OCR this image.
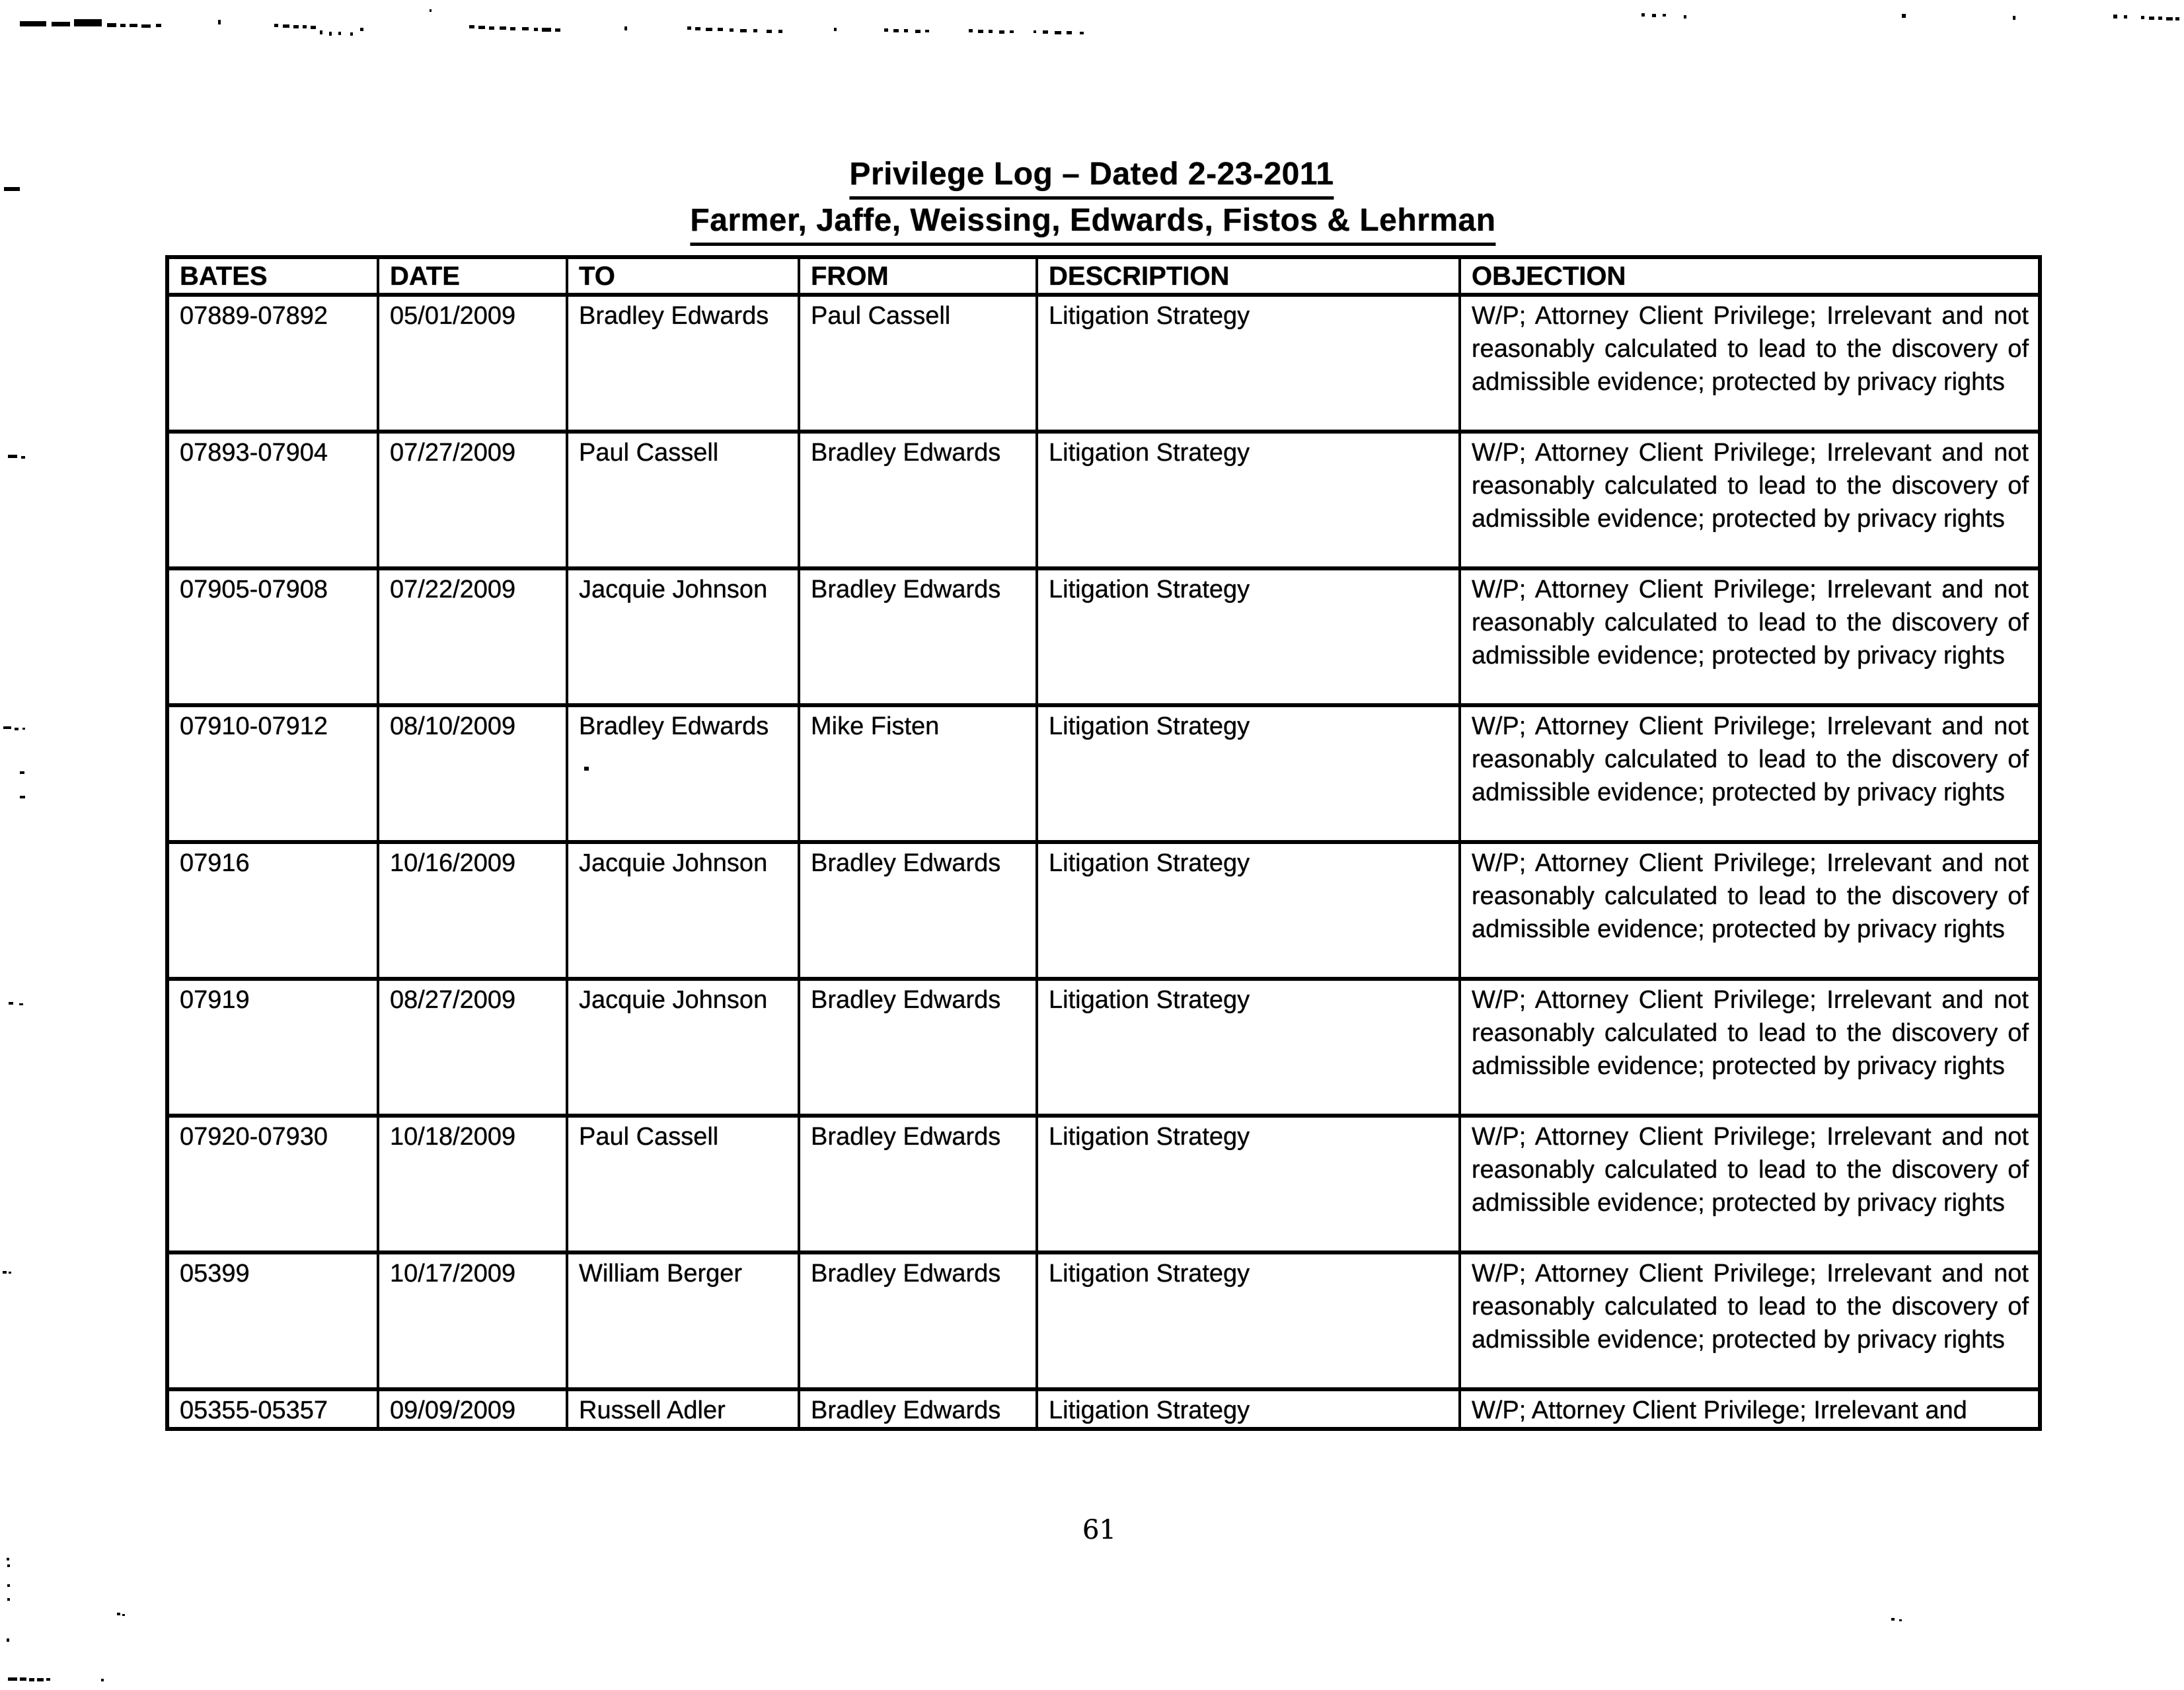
Privilege Log – Dated 2-23-2011
Farmer, Jaffe, Weissing, Edwards, Fistos & Lehrman
BATES	DATE	TO	FROM	DESCRIPTION	OBJECTION
07889-07892	05/01/2009	Bradley Edwards	Paul Cassell	Litigation Strategy	W/P; Attorney Client Privilege; Irrelevant and not reasonably calculated to lead to the discovery of admissible evidence; protected by privacy rights
07893-07904	07/27/2009	Paul Cassell	Bradley Edwards	Litigation Strategy	W/P; Attorney Client Privilege; Irrelevant and not reasonably calculated to lead to the discovery of admissible evidence; protected by privacy rights
07905-07908	07/22/2009	Jacquie Johnson	Bradley Edwards	Litigation Strategy	W/P; Attorney Client Privilege; Irrelevant and not reasonably calculated to lead to the discovery of admissible evidence; protected by privacy rights
07910-07912	08/10/2009	Bradley Edwards	Mike Fisten	Litigation Strategy	W/P; Attorney Client Privilege; Irrelevant and not reasonably calculated to lead to the discovery of admissible evidence; protected by privacy rights
07916	10/16/2009	Jacquie Johnson	Bradley Edwards	Litigation Strategy	W/P; Attorney Client Privilege; Irrelevant and not reasonably calculated to lead to the discovery of admissible evidence; protected by privacy rights
07919	08/27/2009	Jacquie Johnson	Bradley Edwards	Litigation Strategy	W/P; Attorney Client Privilege; Irrelevant and not reasonably calculated to lead to the discovery of admissible evidence; protected by privacy rights
07920-07930	10/18/2009	Paul Cassell	Bradley Edwards	Litigation Strategy	W/P; Attorney Client Privilege; Irrelevant and not reasonably calculated to lead to the discovery of admissible evidence; protected by privacy rights
05399	10/17/2009	William Berger	Bradley Edwards	Litigation Strategy	W/P; Attorney Client Privilege; Irrelevant and not reasonably calculated to lead to the discovery of admissible evidence; protected by privacy rights
05355-05357	09/09/2009	Russell Adler	Bradley Edwards	Litigation Strategy	W/P; Attorney Client Privilege; Irrelevant and
61
